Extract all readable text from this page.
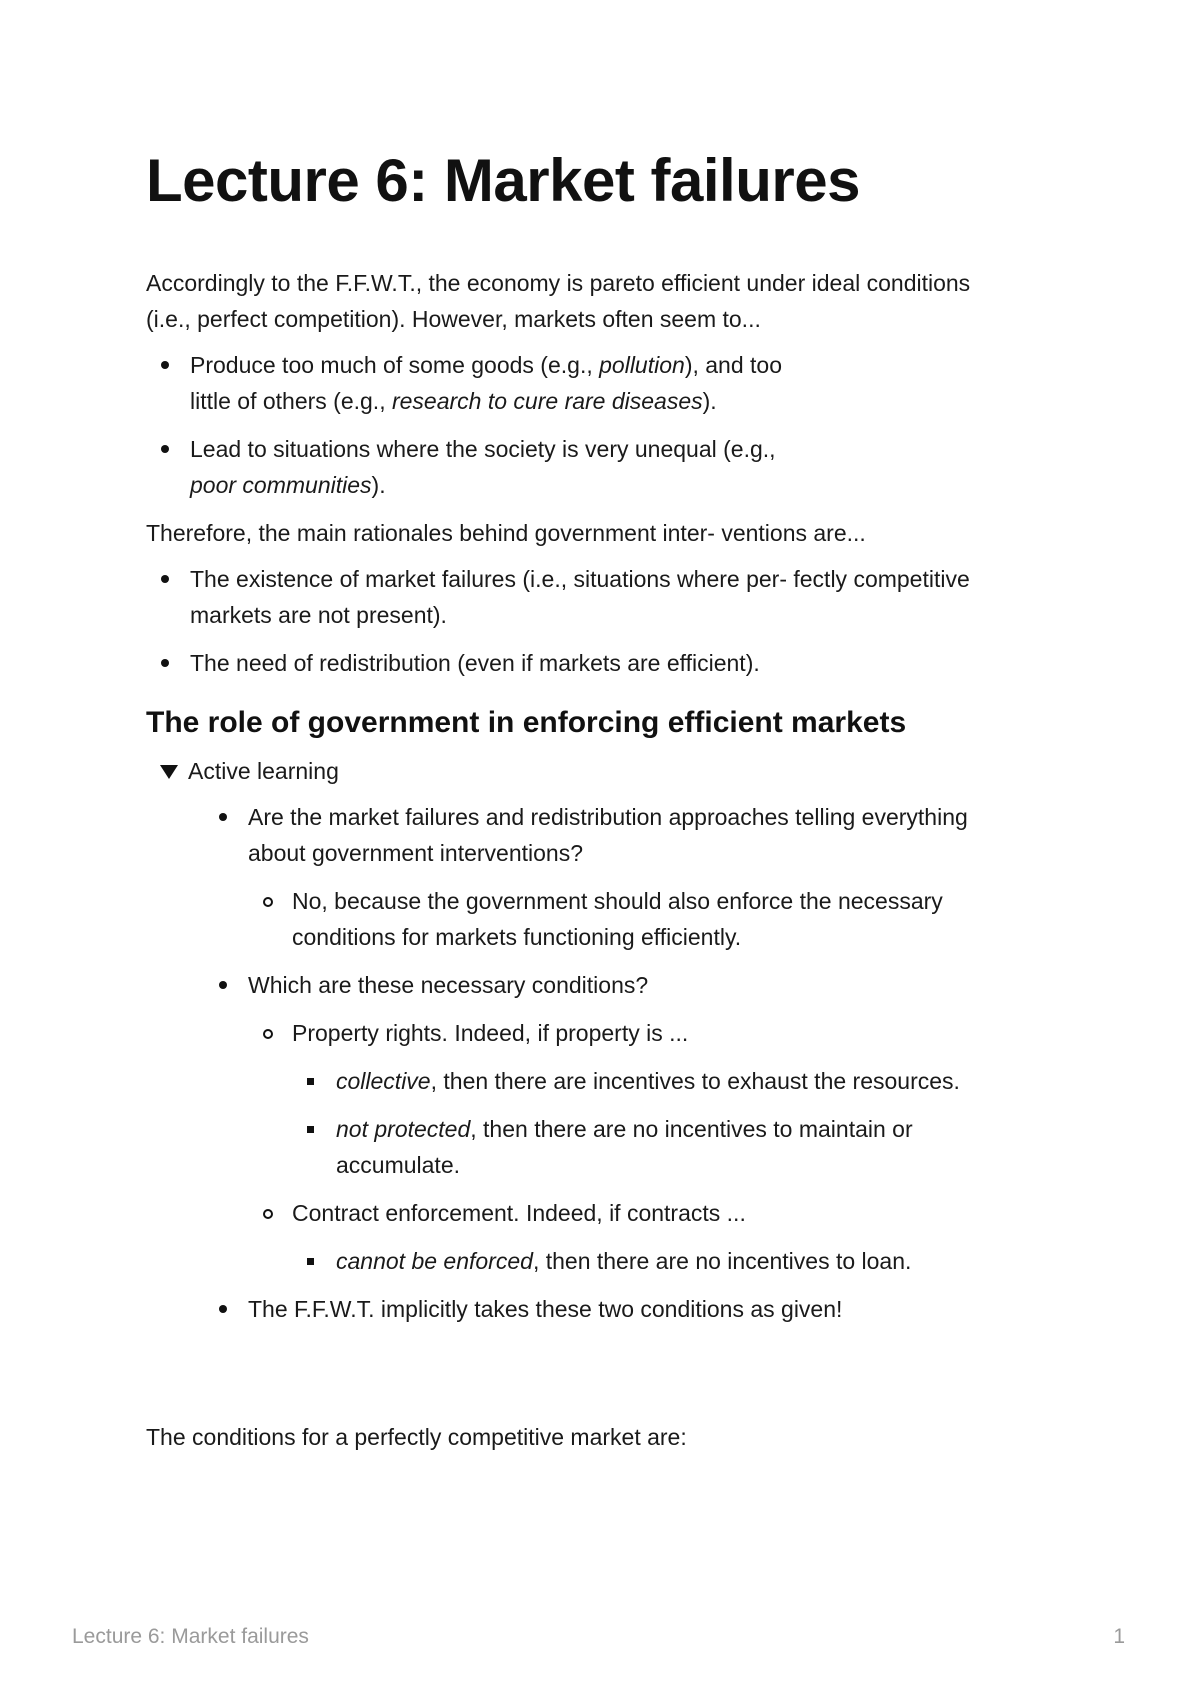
Lecture 6: Market failures

Accordingly to the F.F.W.T., the economy is pareto efficient under ideal conditions
(i.e., perfect competition). However, markets often seem to...

Produce too much of some goods (e.g., pollution), and too
little of others (e.g., research to cure rare diseases).
Lead to situations where the society is very unequal (e.g.,
poor communities).

Therefore, the main rationales behind government inter- ventions are...

The existence of market failures (i.e., situations where per- fectly competitive
markets are not present).
The need of redistribution (even if markets are efficient).
The role of government in enforcing efficient markets
Active learning
Are the market failures and redistribution approaches telling everything
about government interventions?
No, because the government should also enforce the necessary
conditions for markets functioning efficiently.
Which are these necessary conditions?
Property rights. Indeed, if property is ...
collective, then there are incentives to exhaust the resources.
not protected, then there are no incentives to maintain or
accumulate.
Contract enforcement. Indeed, if contracts ...
cannot be enforced, then there are no incentives to loan.
The F.F.W.T. implicitly takes these two conditions as given!

The conditions for a perfectly competitive market are:

Lecture 6: Market failures	1
